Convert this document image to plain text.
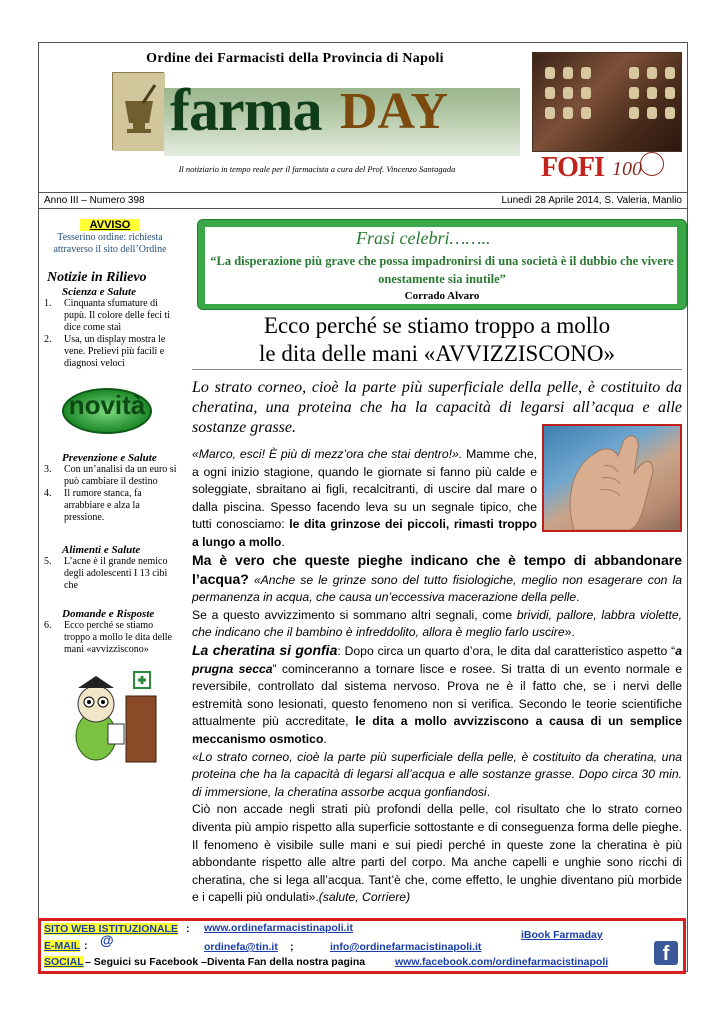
Ordine dei Farmacisti della Provincia di Napoli
farma DAY
Il notiziario in tempo reale per il farmacista a cura del Prof. Vincenzo Santagada	FOFI 100
Anno III – Numero 398	Lunedì 28 Aprile 2014, S. Valeria, Manlio
AVVISO
Tesserino ordine: richiesta attraverso il sito dell’Ordine
Notizie in Rilievo
Scienza e Salute
1. Cinquanta sfumature di pupù. Il colore delle feci ti dice come stai
2. Usa, un display mostra le vene. Prelievi più facili e diagnosi veloci
novità
Prevenzione e Salute
3. Con un’analisi da un euro si può cambiare il destino
4. Il rumore stanca, fa arrabbiare e alza la pressione.
Alimenti e Salute
5. L’acne è il grande nemico degli adolescenti I 13 cibi che
Domande e Risposte
6. Ecco perché se stiamo troppo a mollo le dita delle mani «avvizziscono»
Frasi celebri……..
“La disperazione più grave che possa impadronirsi di una società è il dubbio che vivere onestamente sia inutile”
Corrado Alvaro
Ecco perché se stiamo troppo a mollo
le dita delle mani «AVVIZZISCONO»
Lo strato corneo, cioè la parte più superficiale della pelle, è costituito da cheratina, una proteina che ha la capacità di legarsi all’acqua e alle sostanze grasse.
«Marco, esci! È più di mezz’ora che stai dentro!». Mamme che, a ogni inizio stagione, quando le giornate si fanno più calde e soleggiate, sbraitano ai figli, recalcitranti, di uscire dal mare o dalla piscina. Spesso facendo leva su un segnale tipico, che tutti conosciamo: le dita grinzose dei piccoli, rimasti troppo a lungo a mollo.
Ma è vero che queste pieghe indicano che è tempo di abbandonare l’acqua? «Anche se le grinze sono del tutto fisiologiche, meglio non esagerare con la permanenza in acqua, che causa un’eccessiva macerazione della pelle.
Se a questo avvizzimento si sommano altri segnali, come brividi, pallore, labbra violette, che indicano che il bambino è infreddolito, allora è meglio farlo uscire».
La cheratina si gonfia: Dopo circa un quarto d’ora, le dita dal caratteristico aspetto “a prugna secca” cominceranno a tornare lisce e rosee. Si tratta di un evento normale e reversibile, controllato dal sistema nervoso. Prova ne è il fatto che, se i nervi delle estremità sono lesionati, questo fenomeno non si verifica. Secondo le teorie scientifiche attualmente più accreditate, le dita a mollo avvizziscono a causa di un semplice meccanismo osmotico.
«Lo strato corneo, cioè la parte più superficiale della pelle, è costituito da cheratina, una proteina che ha la capacità di legarsi all’acqua e alle sostanze grasse. Dopo circa 30 min. di immersione, la cheratina assorbe acqua gonfiandosi.
Ciò non accade negli strati più profondi della pelle, col risultato che lo strato corneo diventa più ampio rispetto alla superficie sottostante e di conseguenza forma delle pieghe. Il fenomeno è visibile sulle mani e sui piedi perché in queste zone la cheratina è più abbondante rispetto alle altre parti del corpo. Ma anche capelli e unghie sono ricchi di cheratina, che si lega all’acqua. Tant’è che, come effetto, le unghie diventano più morbide e i capelli più ondulati».(salute, Corriere)
SITO WEB ISTITUZIONALE : www.ordinefarmacistinapoli.it
iBook Farmaday
E-MAIL : @	ordinefa@tin.it ;	info@ordinefarmacistinapoli.it
SOCIAL – Seguici su Facebook –Diventa Fan della nostra pagina	www.facebook.com/ordinefarmacistinapoli	f
